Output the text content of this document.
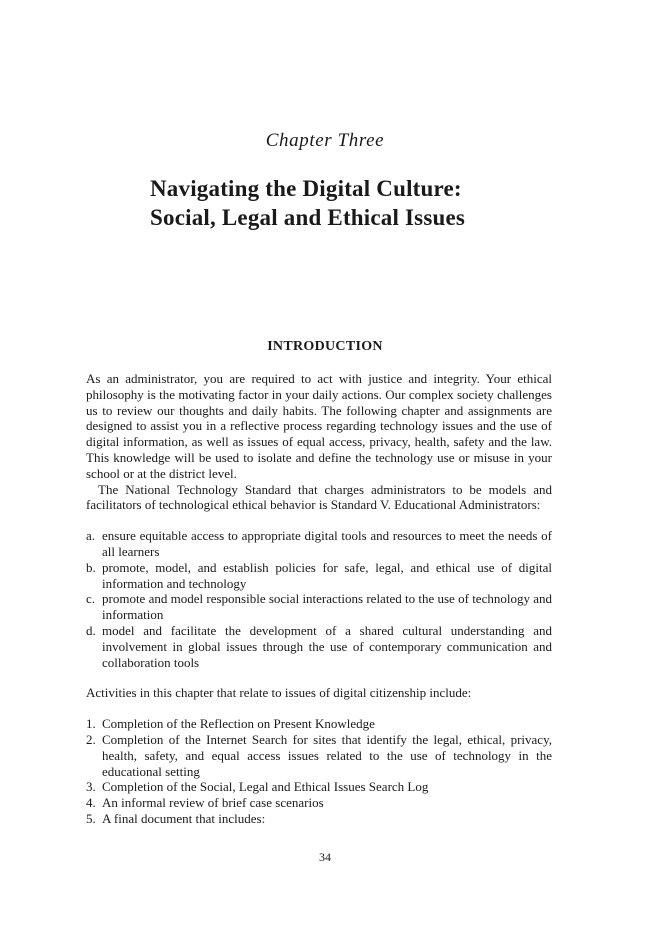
Chapter Three
Navigating the Digital Culture:
Social, Legal and Ethical Issues
INTRODUCTION

As an administrator, you are required to act with justice and integrity. Your ethical philosophy is the motivating factor in your daily actions. Our complex society challenges us to review our thoughts and daily habits. The following chapter and assignments are designed to assist you in a reflective process regarding technology issues and the use of digital information, as well as issues of equal access, privacy, health, safety and the law. This knowledge will be used to isolate and define the technology use or misuse in your school or at the district level.

The National Technology Standard that charges administrators to be models and facilitators of technological ethical behavior is Standard V. Educational Administrators:

a. ensure equitable access to appropriate digital tools and resources to meet the needs of all learners
b. promote, model, and establish policies for safe, legal, and ethical use of digital information and technology
c. promote and model responsible social interactions related to the use of technology and information
d. model and facilitate the development of a shared cultural understanding and involvement in global issues through the use of contemporary communication and collaboration tools

Activities in this chapter that relate to issues of digital citizenship include:

1. Completion of the Reflection on Present Knowledge
2. Completion of the Internet Search for sites that identify the legal, ethical, privacy, health, safety, and equal access issues related to the use of technology in the educational setting
3. Completion of the Social, Legal and Ethical Issues Search Log
4. An informal review of brief case scenarios
5. A final document that includes:
34
